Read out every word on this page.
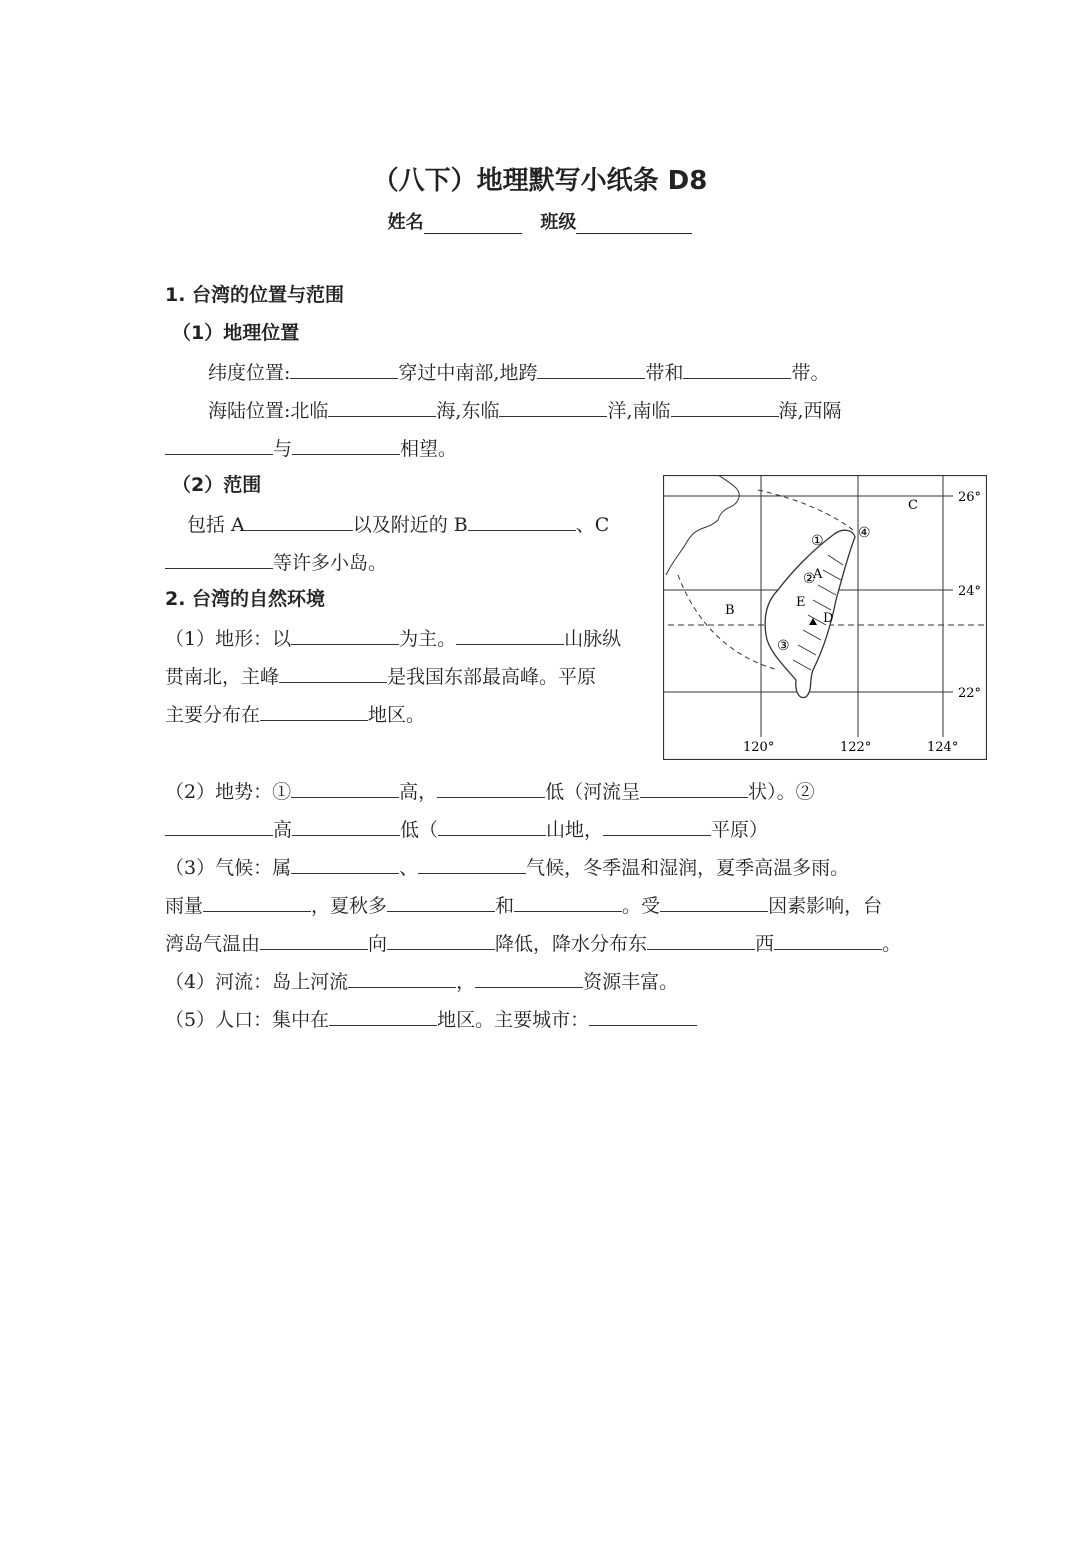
（八下）地理默写小纸条 D8
姓名	班级
1. 台湾的位置与范围
（1）地理位置
纬度位置:	穿过中南部,地跨	带和	带。
海陆位置:北临	海,东临	洋,南临	海,西隔
与	相望。
（2）范围
包括 A	以及附近的 B	、C
等许多小岛。
2. 台湾的自然环境
（1）地形：以	为主。	山脉纵
贯南北，主峰	是我国东部最高峰。平原
主要分布在	地区。
（2）地势：①	高，	低（河流呈	状）。②
高	低（	山地，	平原）
（3）气候：属	、	气候，冬季温和湿润，夏季高温多雨。
雨量	，夏秋多	和	。受	因素影响，台
湾岛气温由	向	降低，降水分布东	西	。
（4）河流：岛上河流	，	资源丰富。
（5）人口：集中在	地区。主要城市：
A
B
C
D
E
①
②
③
④
26°
24°
22°
120°	122°	124°
